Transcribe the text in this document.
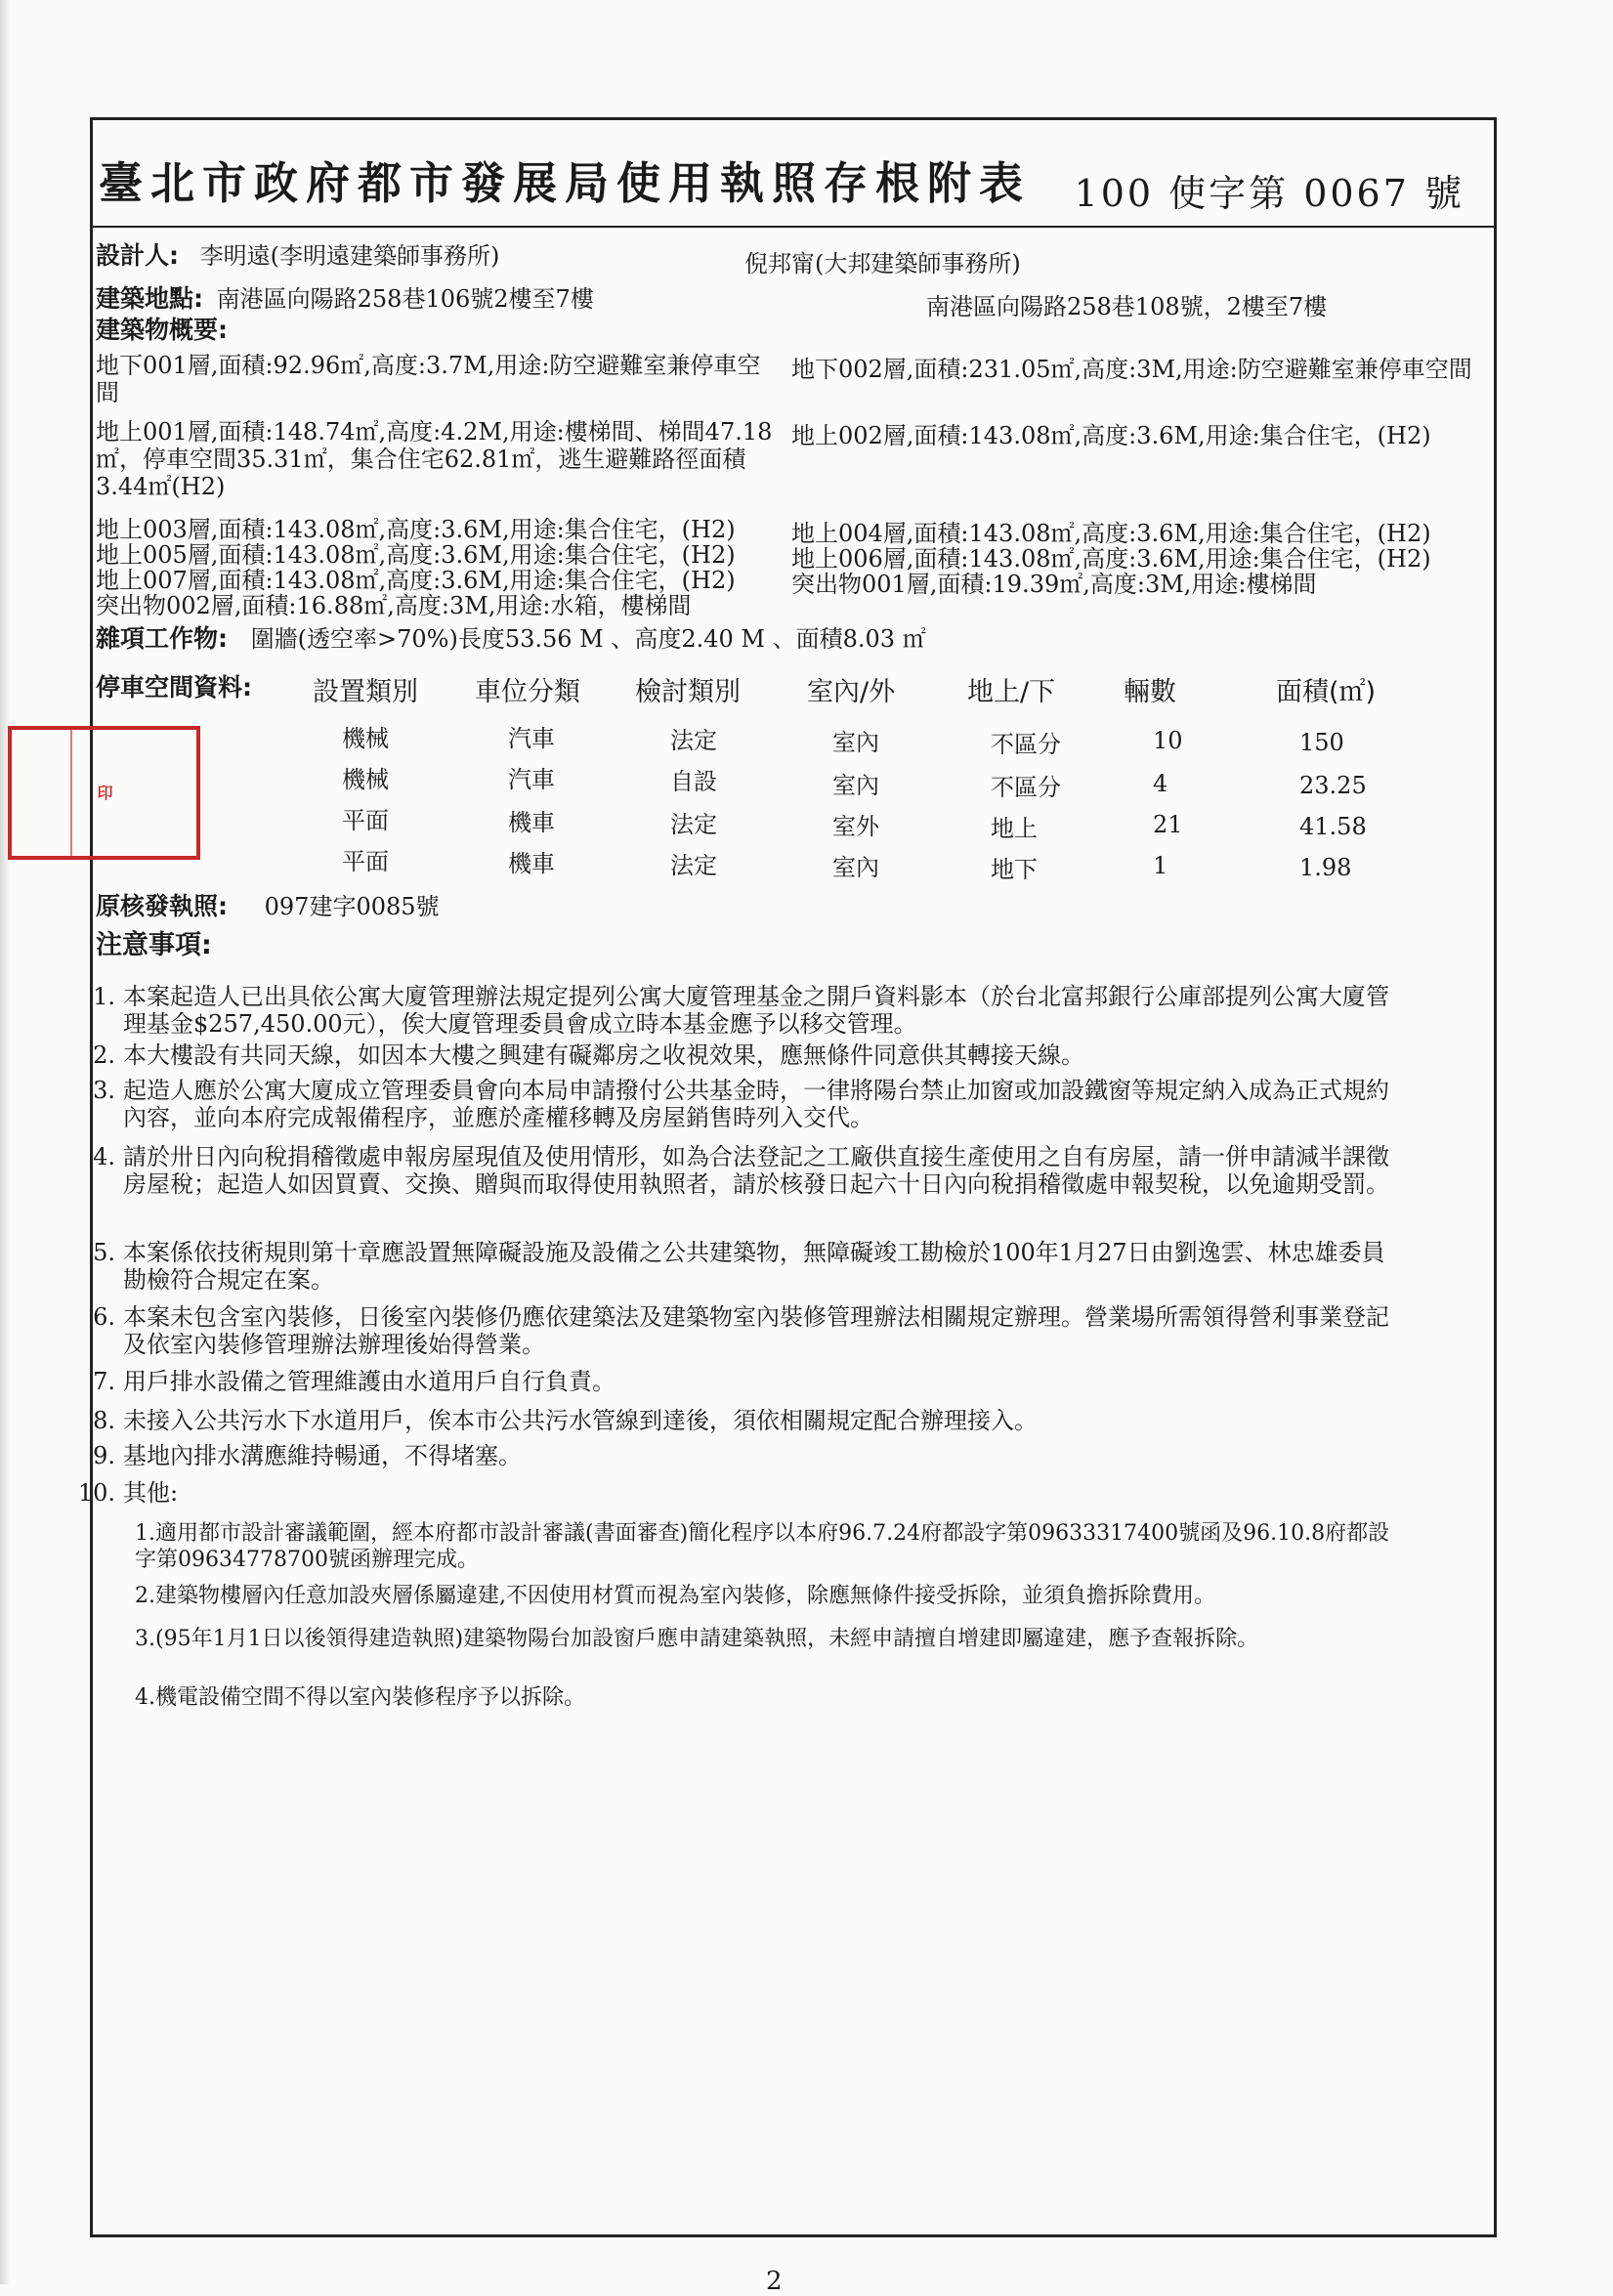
臺北市政府都市發展局使用執照存根附表 100 使字第 0067 號
設計人: 李明遠(李明遠建築師事務所)	倪邦甯(大邦建築師事務所)
建築地點: 南港區向陽路258巷106號2樓至7樓	南港區向陽路258巷108號，2樓至7樓
建築物概要:
地下001層,面積:92.96㎡,高度:3.7M,用途:防空避難室兼停車空間
地下002層,面積:231.05㎡,高度:3M,用途:防空避難室兼停車空間
地上001層,面積:148.74㎡,高度:4.2M,用途:樓梯間、梯間47.18㎡，停車空間35.31㎡，集合住宅62.81㎡，逃生避難路徑面積3.44㎡(H2)
地上002層,面積:143.08㎡,高度:3.6M,用途:集合住宅，(H2)
地上003層,面積:143.08㎡,高度:3.6M,用途:集合住宅，(H2) 地上004層,面積:143.08㎡,高度:3.6M,用途:集合住宅，(H2)
地上005層,面積:143.08㎡,高度:3.6M,用途:集合住宅，(H2) 地上006層,面積:143.08㎡,高度:3.6M,用途:集合住宅，(H2)
地上007層,面積:143.08㎡,高度:3.6M,用途:集合住宅，(H2) 突出物001層,面積:19.39㎡,高度:3M,用途:樓梯間
突出物002層,面積:16.88㎡,高度:3M,用途:水箱，樓梯間
雜項工作物: 圍牆(透空率>70%)長度53.56 M 、高度2.40 M 、面積8.03 ㎡
停車空間資料: 設置類別 車位分類 檢討類別	室內/外	地上/下	輛數	面積(㎡)
機械	汽車	法定	室內	不區分	10	150
機械	汽車	自設	室內	不區分	4	23.25
平面	機車	法定	室外	地上	21	41.58
平面	機車	法定	室內	地下	1	1.98
印
原核發執照: 097建字0085號
注意事項:
1. 本案起造人已出具依公寓大廈管理辦法規定提列公寓大廈管理基金之開戶資料影本（於台北富邦銀行公庫部提列公寓大廈管理基金$257,450.00元），俟大廈管理委員會成立時本基金應予以移交管理。
2. 本大樓設有共同天線，如因本大樓之興建有礙鄰房之收視效果，應無條件同意供其轉接天線。
3. 起造人應於公寓大廈成立管理委員會向本局申請撥付公共基金時，一律將陽台禁止加窗或加設鐵窗等規定納入成為正式規約內容，並向本府完成報備程序，並應於產權移轉及房屋銷售時列入交代。
4. 請於卅日內向稅捐稽徵處申報房屋現值及使用情形，如為合法登記之工廠供直接生產使用之自有房屋，請一併申請減半課徵房屋稅；起造人如因買賣、交換、贈與而取得使用執照者，請於核發日起六十日內向稅捐稽徵處申報契稅，以免逾期受罰。
5. 本案係依技術規則第十章應設置無障礙設施及設備之公共建築物，無障礙竣工勘檢於100年1月27日由劉逸雲、林忠雄委員勘檢符合規定在案。
6. 本案未包含室內裝修，日後室內裝修仍應依建築法及建築物室內裝修管理辦法相關規定辦理。營業場所需領得營利事業登記及依室內裝修管理辦法辦理後始得營業。
7. 用戶排水設備之管理維護由水道用戶自行負責。
8. 未接入公共污水下水道用戶，俟本市公共污水管線到達後，須依相關規定配合辦理接入。
9. 基地內排水溝應維持暢通，不得堵塞。
10. 其他:
1.適用都市設計審議範圍，經本府都市設計審議(書面審查)簡化程序以本府96.7.24府都設字第09633317400號函及96.10.8府都設字第09634778700號函辦理完成。
2.建築物樓層內任意加設夾層係屬違建,不因使用材質而視為室內裝修，除應無條件接受拆除，並須負擔拆除費用。
3.(95年1月1日以後領得建造執照)建築物陽台加設窗戶應申請建築執照，未經申請擅自增建即屬違建，應予查報拆除。
4.機電設備空間不得以室內裝修程序予以拆除。
2
